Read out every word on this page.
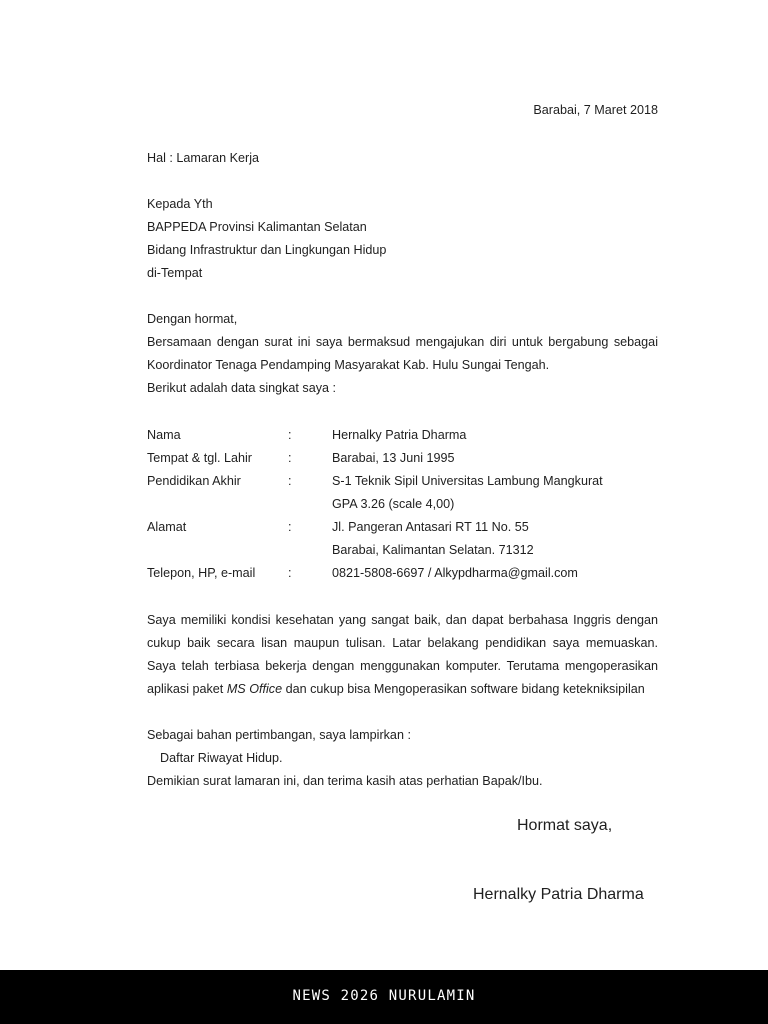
Barabai, 7 Maret 2018
Hal : Lamaran Kerja
Kepada Yth
BAPPEDA Provinsi Kalimantan Selatan
Bidang Infrastruktur dan Lingkungan Hidup
di-Tempat
Dengan hormat,
Bersamaan dengan surat ini saya bermaksud mengajukan diri untuk bergabung sebagai Koordinator Tenaga Pendamping Masyarakat Kab. Hulu Sungai Tengah.
Berikut adalah data singkat saya :
Nama	:	Hernalky Patria Dharma
Tempat & tgl. Lahir	:	Barabai, 13 Juni 1995
Pendidikan Akhir	:	S-1 Teknik Sipil Universitas Lambung Mangkurat
GPA 3.26 (scale 4,00)

Alamat	:	Jl. Pangeran Antasari RT 11 No. 55
Barabai, Kalimantan Selatan. 71312

Telepon, HP, e-mail	:	0821-5808-6697 / Alkypdharma@gmail.com
Saya memiliki kondisi kesehatan yang sangat baik, dan dapat berbahasa Inggris dengan cukup baik secara lisan maupun tulisan. Latar belakang pendidikan saya memuaskan. Saya telah terbiasa bekerja dengan menggunakan komputer. Terutama mengoperasikan aplikasi paket MS Office dan cukup bisa Mengoperasikan software bidang ketekniksipilan
Sebagai bahan pertimbangan, saya lampirkan :
Daftar Riwayat Hidup.
Demikian surat lamaran ini, dan terima kasih atas perhatian Bapak/Ibu.
Hormat saya,
Hernalky Patria Dharma
NEWS 2026 NURULAMIN
